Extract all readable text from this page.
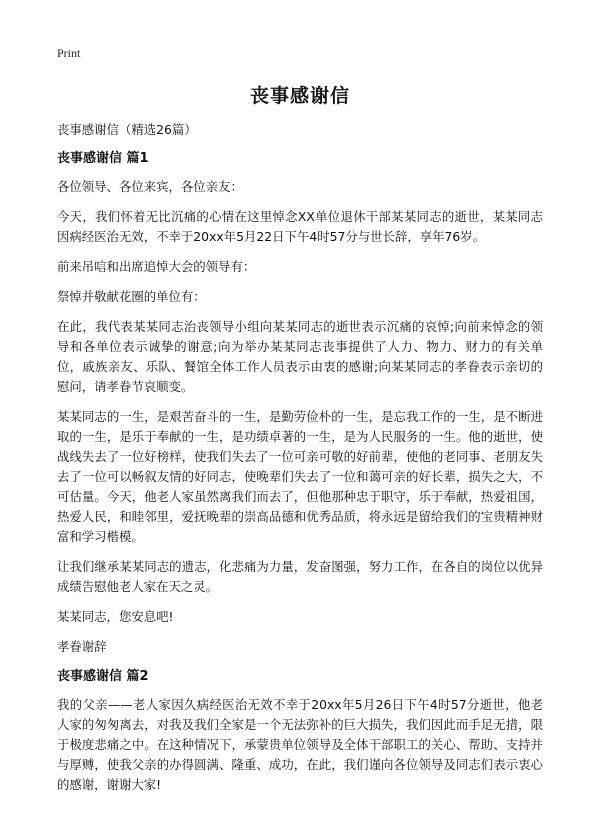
Print
丧事感谢信

丧事感谢信（精选26篇）

丧事感谢信 篇1

各位领导、各位来宾，各位亲友：

今天，我们怀着无比沉痛的心情在这里悼念XX单位退休干部某某同志的逝世，某某同志因病经医治无效，不幸于20xx年5月22日下午4时57分与世长辞，享年76岁。

前来吊唁和出席追悼大会的领导有：

祭悼并敬献花圈的单位有：

在此，我代表某某同志治丧领导小组向某某同志的逝世表示沉痛的哀悼;向前来悼念的领导和各单位表示诚挚的谢意;向为举办某某同志丧事提供了人力、物力、财力的有关单位，戚族亲友、乐队、餐馆全体工作人员表示由衷的感谢;向某某同志的孝眷表示亲切的慰问，请孝眷节哀顺变。

某某同志的一生，是艰苦奋斗的一生，是勤劳俭朴的一生，是忘我工作的一生，是不断进取的一生，是乐于奉献的一生，是功绩卓著的一生，是为人民服务的一生。他的逝世，使战线失去了一位好榜样，使我们失去了一位可亲可敬的好前辈，使他的老同事、老朋友失去了一位可以畅叙友情的好同志，使晚辈们失去了一位和蔼可亲的好长辈，损失之大，不可估量。今天，他老人家虽然离我们而去了，但他那种忠于职守，乐于奉献，热爱祖国，热爱人民，和睦邻里，爱抚晚辈的崇高品德和优秀品质，将永远是留给我们的宝贵精神财富和学习楷模。

让我们继承某某同志的遗志，化悲痛为力量，发奋图强，努力工作，在各自的岗位以优异成绩告慰他老人家在天之灵。

某某同志，您安息吧!

孝眷谢辞

丧事感谢信 篇2

我的父亲——老人家因久病经医治无效不幸于20xx年5月26日下午4时57分逝世，他老人家的匆匆离去，对我及我们全家是一个无法弥补的巨大损失，我们因此而手足无措，限于极度悲痛之中。在这种情况下，承蒙贵单位领导及全体干部职工的关心、帮助、支持并与厚赙，使我父亲的办得圆满、隆重、成功，在此，我们谨向各位领导及同志们表示衷心的感谢，谢谢大家!
